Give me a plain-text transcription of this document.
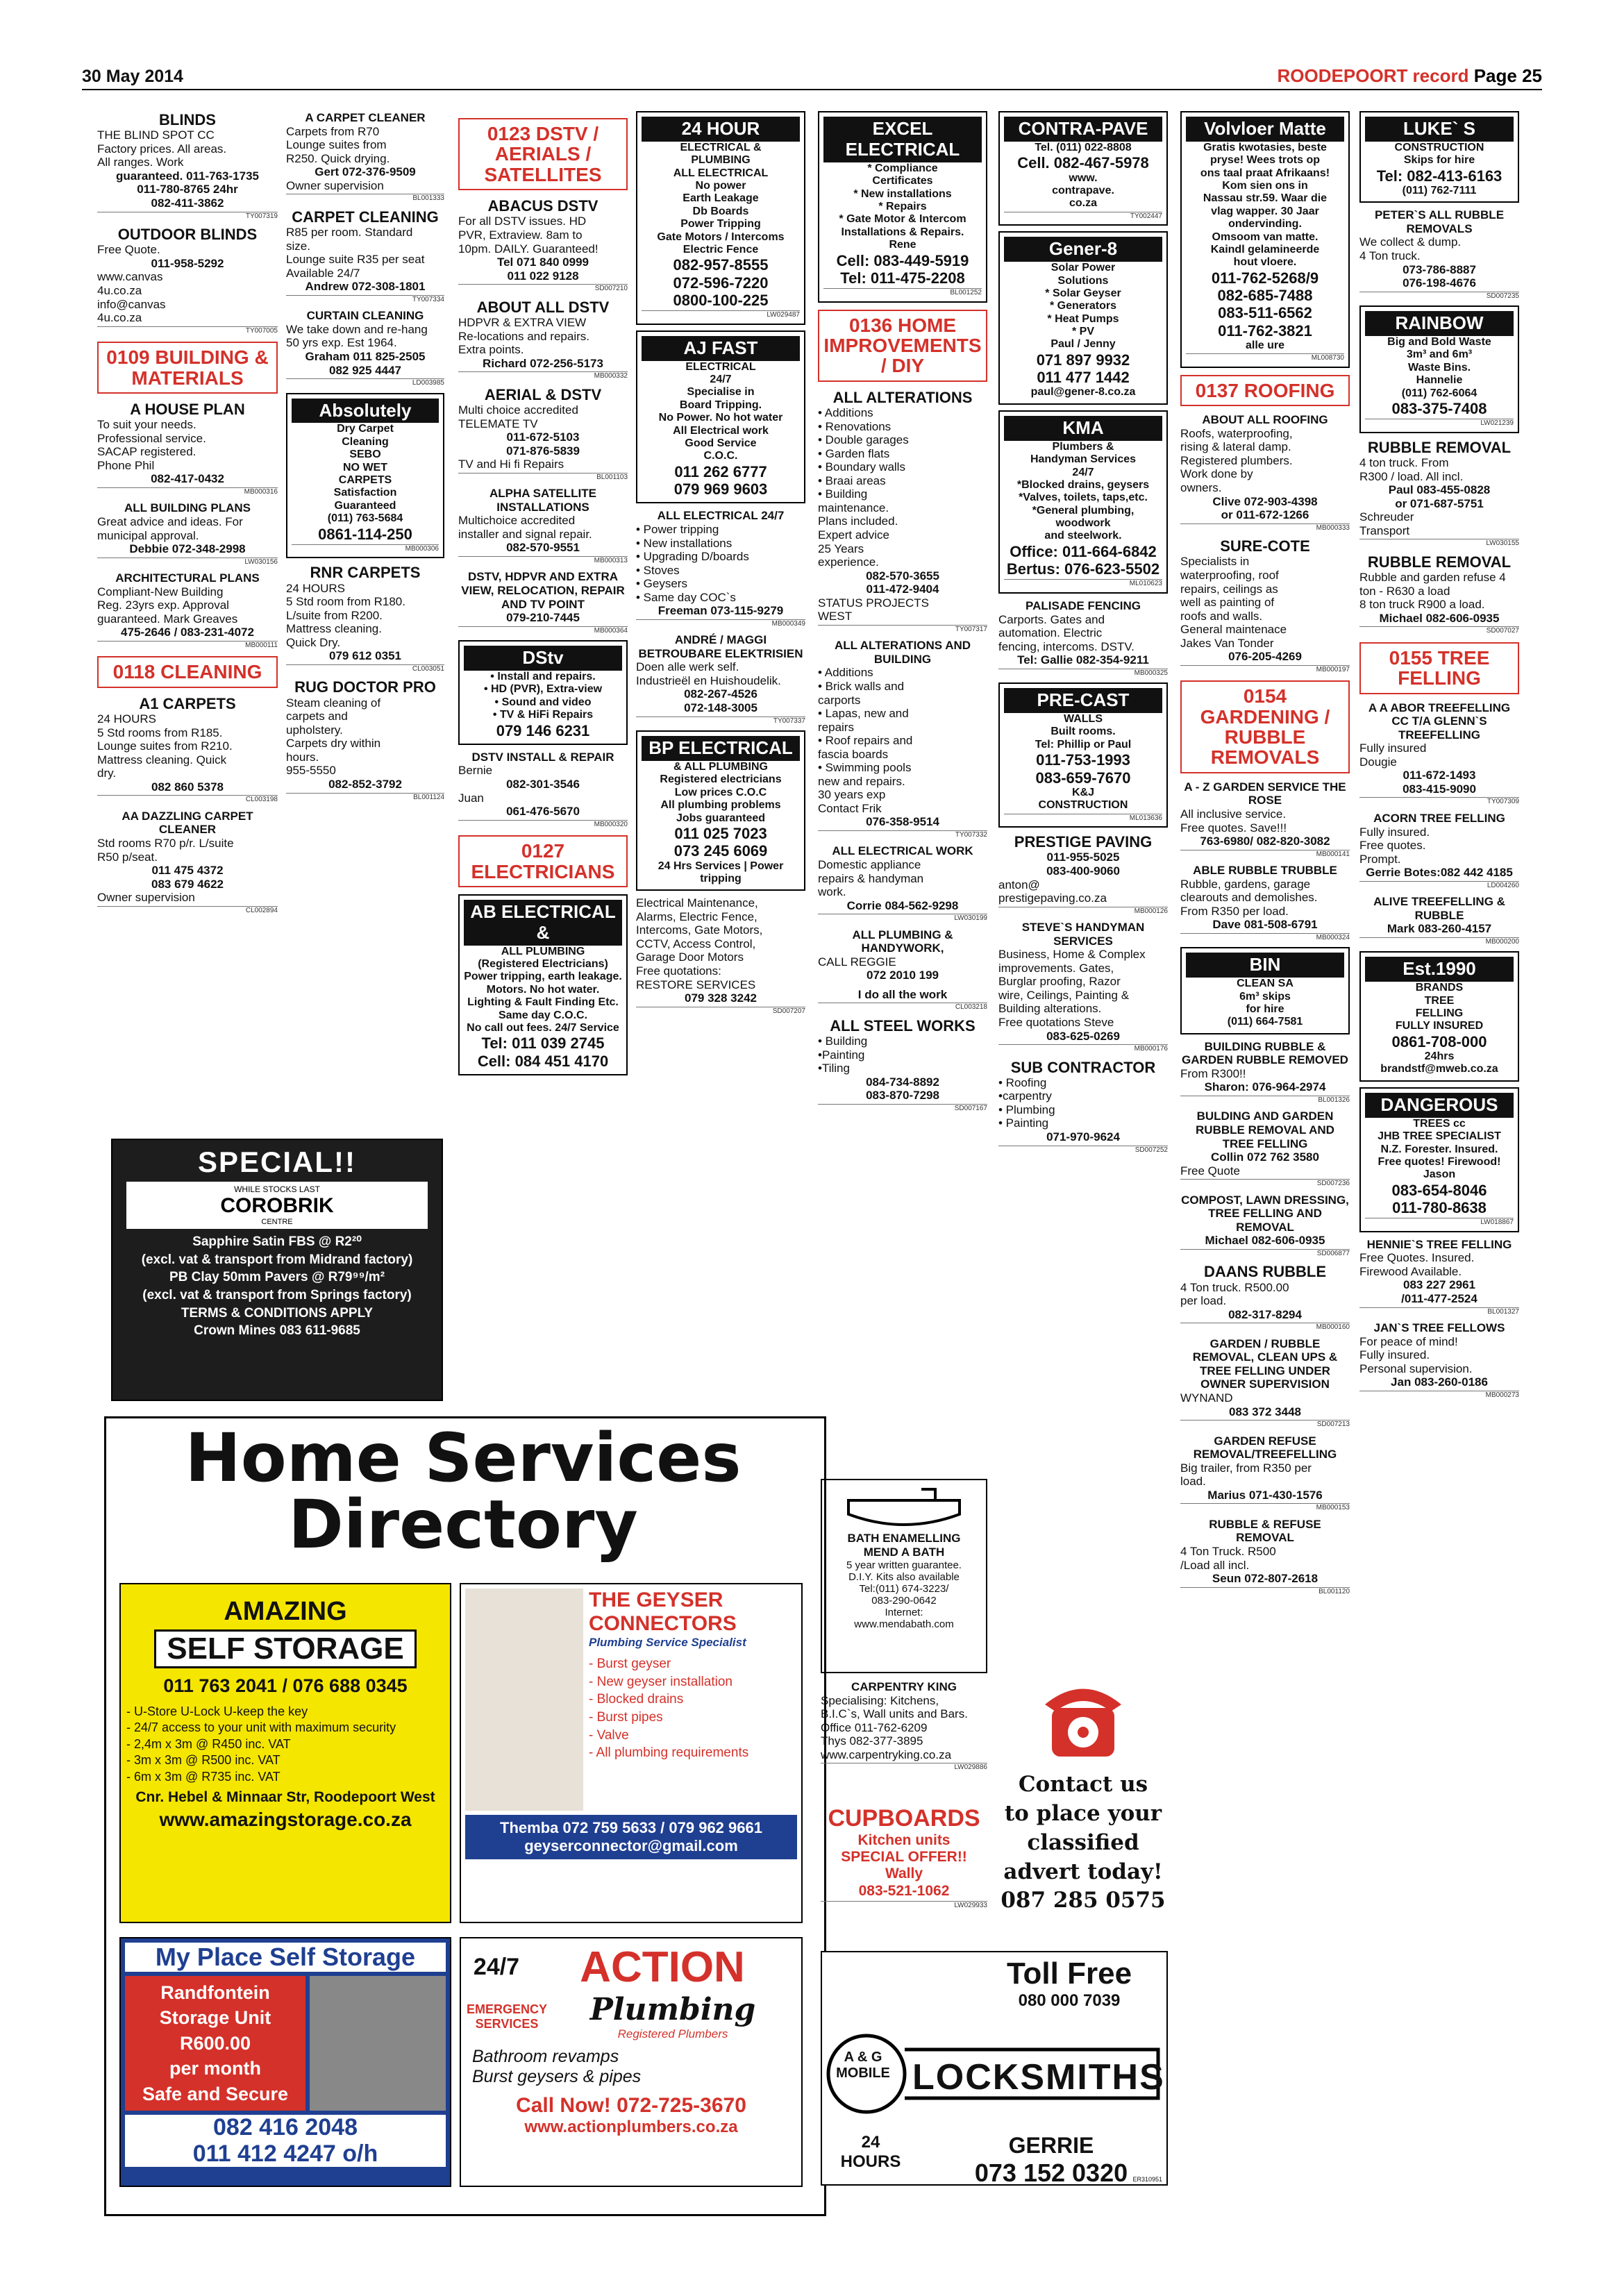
30 May 2014	ROODEPOORT record Page 25
BLINDS
THE BLIND SPOT CC
Factory prices. All areas.
All ranges. Work
guaranteed. 011-763-1735
011-780-8765 24hr
082-411-3862
TY007319
OUTDOOR BLINDS
Free Quote.
011-958-5292
www.canvas
4u.co.za
info@canvas
4u.co.za
TY007005
0109 BUILDING & MATERIALS
A HOUSE PLAN
To suit your needs.
Professional service.
SACAP registered.
Phone Phil
082-417-0432
MB000316
ALL BUILDING PLANS
Great advice and ideas. For municipal approval.
Debbie 072-348-2998
LW030156
ARCHITECTURAL PLANS
Compliant-New Building
Reg. 23yrs exp. Approval
guaranteed. Mark Greaves
475-2646 / 083-231-4072
MB000111
0118 CLEANING
A1 CARPETS
24 HOURS
5 Std rooms from R185.
Lounge suites from R210.
Mattress cleaning. Quick
dry.
082 860 5378
CL003198
AA DAZZLING CARPET CLEANER
Std rooms R70 p/r. L/suite
R50 p/seat.
011 475 4372
083 679 4622
Owner supervision
CL002894
A CARPET CLEANER
Carpets from R70
Lounge suites from
R250. Quick drying.
Gert 072-376-9509
Owner supervision
BL001333
CARPET CLEANING
R85 per room. Standard
size.
Lounge suite R35 per seat
Available 24/7
Andrew 072-308-1801
TY007334
CURTAIN CLEANING
We take down and re-hang
50 yrs exp. Est 1964.
Graham 011 825-2505
082 925 4447
LD003985
Absolutely
Dry Carpet
Cleaning
SEBO
NO WET
CARPETS
Satisfaction
Guaranteed
(011) 763-5684
0861-114-250
MB000306
RNR CARPETS
24 HOURS
5 Std room from R180.
L/suite from R200.
Mattress cleaning.
Quick Dry.
079 612 0351
CL003051
RUG DOCTOR PRO
Steam cleaning of
carpets and
upholstery.
Carpets dry within
hours.
955-5550
082-852-3792
BL001124
0123 DSTV / AERIALS / SATELLITES
ABACUS DSTV
For all DSTV issues. HD
PVR, Extraview. 8am to
10pm. DAILY. Guaranteed!
Tel 071 840 0999
011 022 9128
SD007210
ABOUT ALL DSTV
HDPVR & EXTRA VIEW
Re-locations and repairs.
Extra points.
Richard 072-256-5173
MB000332
AERIAL & DSTV
Multi choice accredited
TELEMATE TV
011-672-5103
071-876-5839
TV and Hi fi Repairs
BL001103
ALPHA SATELLITE INSTALLATIONS
Multichoice accredited
installer and signal repair.
082-570-9551
MB000313
DSTV, HDPVR AND EXTRA VIEW, RELOCATION, REPAIR AND TV POINT
079-210-7445
MB000364
DStv
• Install and repairs.
• HD (PVR), Extra-view
• Sound and video
• TV & HiFi Repairs
079 146 6231
DSTV INSTALL & REPAIR
Bernie
082-301-3546
Juan
061-476-5670
MB000320
0127 ELECTRICIANS
AB ELECTRICAL &
ALL PLUMBING
(Registered Electricians)
Power tripping, earth leakage.
Motors. No hot water.
Lighting & Fault Finding Etc.
Same day C.O.C.
No call out fees. 24/7 Service
Tel: 011 039 2745
Cell: 084 451 4170
24 HOUR
ELECTRICAL &
PLUMBING
ALL ELECTRICAL
No power
Earth Leakage
Db Boards
Power Tripping
Gate Motors / Intercoms
Electric Fence
082-957-8555
072-596-7220
0800-100-225
LW029487
AJ FAST
ELECTRICAL
24/7
Specialise in
Board Tripping.
No Power. No hot water
All Electrical work
Good Service
C.O.C.
011 262 6777
079 969 9603
ALL ELECTRICAL 24/7
• Power tripping
• New installations
• Upgrading D/boards
• Stoves
• Geysers
• Same day COC`s
Freeman 073-115-9279
MB000349
ANDRÉ / MAGGI BETROUBARE ELEKTRISIEN
Doen alle werk self.
Industrieël en Huishoudelik.
082-267-4526
072-148-3005
TY007337
BP ELECTRICAL
& ALL PLUMBING
Registered electricians
Low prices C.O.C
All plumbing problems
Jobs guaranteed
011 025 7023
073 245 6069
24 Hrs Services | Power tripping
Electrical Maintenance,
Alarms, Electric Fence,
Intercoms, Gate Motors,
CCTV, Access Control,
Garage Door Motors
Free quotations:
RESTORE SERVICES
079 328 3242
SD007207
EXCEL ELECTRICAL
* Compliance
Certificates
* New installations
* Repairs
* Gate Motor & Intercom
Installations & Repairs.
Rene
Cell: 083-449-5919
Tel: 011-475-2208
BL001252
0136 HOME IMPROVEMENTS / DIY
ALL ALTERATIONS
• Additions
• Renovations
• Double garages
• Garden flats
• Boundary walls
• Braai areas
• Building
maintenance.
Plans included.
Expert advice
25 Years
experience.
082-570-3655
011-472-9404
STATUS PROJECTS
WEST
TY007317
ALL ALTERATIONS AND BUILDING
• Additions
• Brick walls and
carports
• Lapas, new and
repairs
• Roof repairs and
fascia boards
• Swimming pools
new and repairs.
30 years exp
Contact Frik
076-358-9514
TY007332
ALL ELECTRICAL WORK
Domestic appliance
repairs & handyman
work.
Corrie 084-562-9298
LW030199
ALL PLUMBING & HANDYWORK,
CALL REGGIE
072 2010 199
I do all the work
CL003218
ALL STEEL WORKS
• Building
•Painting
•Tiling
084-734-8892
083-870-7298
SD007167
CONTRA-PAVE
Tel. (011) 022-8808
Cell. 082-467-5978
www.
contrapave.
co.za
TY002447
Gener-8
Solar Power
Solutions
* Solar Geyser
* Generators
* Heat Pumps
* PV
Paul / Jenny
071 897 9932
011 477 1442
paul@gener-8.co.za
KMA
Plumbers &
Handyman Services
24/7
*Blocked drains, geysers
*Valves, toilets, taps,etc.
*General plumbing,
woodwork
and steelwork.
Office: 011-664-6842
Bertus: 076-623-5502
ML010623
PALISADE FENCING
Carports. Gates and
automation. Electric
fencing, intercoms. DSTV.
Tel: Gallie 082-354-9211
MB000325
PRE-CAST
WALLS
Built rooms.
Tel: Phillip or Paul
011-753-1993
083-659-7670
K&J
CONSTRUCTION
ML013636
PRESTIGE PAVING
011-955-5025
083-400-9060
anton@
prestigepaving.co.za
MB000126
STEVE`S HANDYMAN SERVICES
Business, Home & Complex
improvements. Gates,
Burglar proofing, Razor
wire, Ceilings, Painting &
Building alterations.
Free quotations Steve
083-625-0269
MB000176
SUB CONTRACTOR
• Roofing
•carpentry
• Plumbing
• Painting
071-970-9624
SD007252
Volvloer Matte
Gratis kwotasies, beste
pryse! Wees trots op
ons taal praat Afrikaans!
Kom sien ons in
Nassau str.59. Waar die
vlag wapper. 30 Jaar
ondervinding.
Omsoom van matte.
Kaindl gelamineerde
hout vloere.
011-762-5268/9
082-685-7488
083-511-6562
011-762-3821
alle ure
ML008730
0137 ROOFING
ABOUT ALL ROOFING
Roofs, waterproofing,
rising & lateral damp.
Registered plumbers.
Work done by
owners.
Clive 072-903-4398
or 011-672-1266
MB000333
SURE-COTE
Specialists in
waterproofing, roof
repairs, ceilings as
well as painting of
roofs and walls.
General maintenace
Jakes Van Tonder
076-205-4269
MB000197
0154 GARDENING / RUBBLE REMOVALS
A - Z GARDEN SERVICE THE ROSE
All inclusive service.
Free quotes. Save!!!
763-6980/ 082-820-3082
MB000141
ABLE RUBBLE TRUBBLE
Rubble, gardens, garage
clearouts and demolishes.
From R350 per load.
Dave 081-508-6791
MB000324
BIN
CLEAN SA
6m³ skips
for hire
(011) 664-7581
BUILDING RUBBLE & GARDEN RUBBLE REMOVED
From R300!!
Sharon: 076-964-2974
BL001326
BULDING AND GARDEN RUBBLE REMOVAL AND TREE FELLING
Collin 072 762 3580
Free Quote
SD007236
COMPOST, LAWN DRESSING, TREE FELLING AND REMOVAL
Michael 082-606-0935
SD006877
DAANS RUBBLE
4 Ton truck. R500.00
per load.
082-317-8294
MB000160
GARDEN / RUBBLE REMOVAL, CLEAN UPS & TREE FELLING UNDER OWNER SUPERVISION
WYNAND
083 372 3448
SD007213
GARDEN REFUSE REMOVAL/TREEFELLING
Big trailer, from R350 per
load.
Marius 071-430-1576
MB000153
RUBBLE & REFUSE REMOVAL
4 Ton Truck. R500
/Load all incl.
Seun 072-807-2618
BL001120
LUKE` S
CONSTRUCTION
Skips for hire
Tel: 082-413-6163
(011) 762-7111
PETER`S ALL RUBBLE REMOVALS
We collect & dump.
4 Ton truck.
073-786-8887
076-198-4676
SD007235
RAINBOW
Big and Bold Waste
3m³ and 6m³
Waste Bins.
Hannelie
(011) 762-6064
083-375-7408
LW021239
RUBBLE REMOVAL
4 ton truck. From
R300 / load. All incl.
Paul 083-455-0828
or 071-687-5751
Schreuder
Transport
LW030155
RUBBLE REMOVAL
Rubble and garden refuse 4
ton - R630 a load
8 ton truck R900 a load.
Michael 082-606-0935
SD007027
0155 TREE FELLING
A A ABOR TREEFELLING CC T/A GLENN`S TREEFELLING
Fully insured
Dougie
011-672-1493
083-415-9090
TY007309
ACORN TREE FELLING
Fully insured.
Free quotes.
Prompt.
Gerrie Botes:082 442 4185
LD004260
ALIVE TREEFELLING & RUBBLE
Mark 083-260-4157
MB000200
Est.1990
BRANDS
TREE
FELLING
FULLY INSURED
0861-708-000
24hrs
brandstf@mweb.co.za
DANGEROUS
TREES cc
JHB TREE SPECIALIST
N.Z. Forester. Insured.
Free quotes! Firewood!
Jason
083-654-8046
011-780-8638
LW018867
HENNIE`S TREE FELLING
Free Quotes. Insured.
Firewood Available.
083 227 2961
/011-477-2524
BL001327
JAN`S TREE FELLOWS
For peace of mind!
Fully insured.
Personal supervision.
Jan 083-260-0186
MB000273
SPECIAL!!
WHILE STOCKS LAST
COROBRIK
CENTRE
Sapphire Satin FBS @ R2²⁰
(excl. vat & transport from Midrand factory)
PB Clay 50mm Pavers @ R79⁹⁹/m²
(excl. vat & transport from Springs factory)
TERMS & CONDITIONS APPLY
Crown Mines 083 611-9685
Home Services
Directory
AMAZING
SELF STORAGE
011 763 2041 / 076 688 0345
- U-Store U-Lock U-keep the key
- 24/7 access to your unit with maximum security
- 2,4m x 3m @ R450 inc. VAT
- 3m x 3m @ R500 inc. VAT
- 6m x 3m @ R735 inc. VAT
Cnr. Hebel & Minnaar Str, Roodepoort West
www.amazingstorage.co.za
My Place Self Storage
Randfontein
Storage Unit
R600.00
per month
Safe and Secure
082 416 2048
011 412 4247 o/h
THE GEYSER
CONNECTORS
Plumbing Service Specialist
- Burst geyser
- New geyser installation
- Blocked drains
- Burst pipes
- Valve
- All plumbing requirements
Themba 072 759 5633 / 079 962 9661
geyserconnector@gmail.com
24/7	ACTION
EMERGENCY
SERVICES	Plumbing
Registered Plumbers
Bathroom revamps
Burst geysers & pipes
Call Now! 072-725-3670
www.actionplumbers.co.za
BATH ENAMELLING
MEND A BATH
5 year written guarantee.
D.I.Y. Kits also available
Tel:(011) 674-3223/
083-290-0642
Internet:
www.mendabath.com
CARPENTRY KING
Specialising: Kitchens,
B.I.C`s, Wall units and Bars.
Office 011-762-6209
Thys 082-377-3895
www.carpentryking.co.za
LW029886
CUPBOARDS
Kitchen units
SPECIAL OFFER!!
Wally
083-521-1062
LW029933
Contact us
to place your
classified
advert today!
087 285 0575
Toll Free
080 000 7039
A & G MOBILE LOCKSMITHS
24
HOURS
GERRIE
073 152 0320 ER310951
